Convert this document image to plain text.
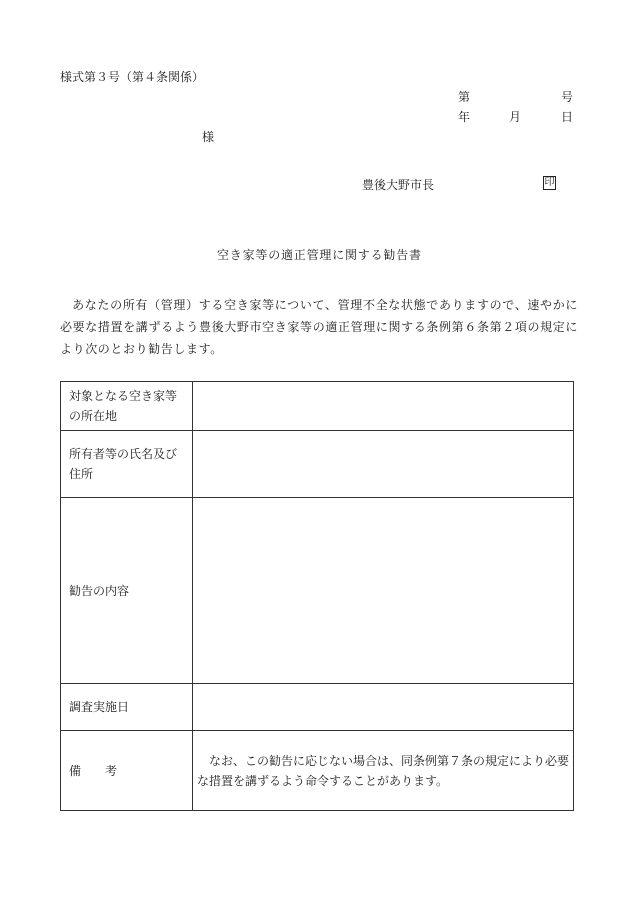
様式第３号（第４条関係）
第	号
年	月	日
様
豊後大野市長	印
空き家等の適正管理に関する勧告書
あなたの所有（管理）する空き家等について、管理不全な状態でありますので、速やかに必要な措置を講ずるよう豊後大野市空き家等の適正管理に関する条例第６条第２項の規定により次のとおり勧告します。
対象となる空き家等の所在地	
所有者等の氏名及び住所	
勧告の内容	
調査実施日	
備　　考	なお、この勧告に応じない場合は、同条例第７条の規定により必要な措置を講ずるよう命令することがあります。
